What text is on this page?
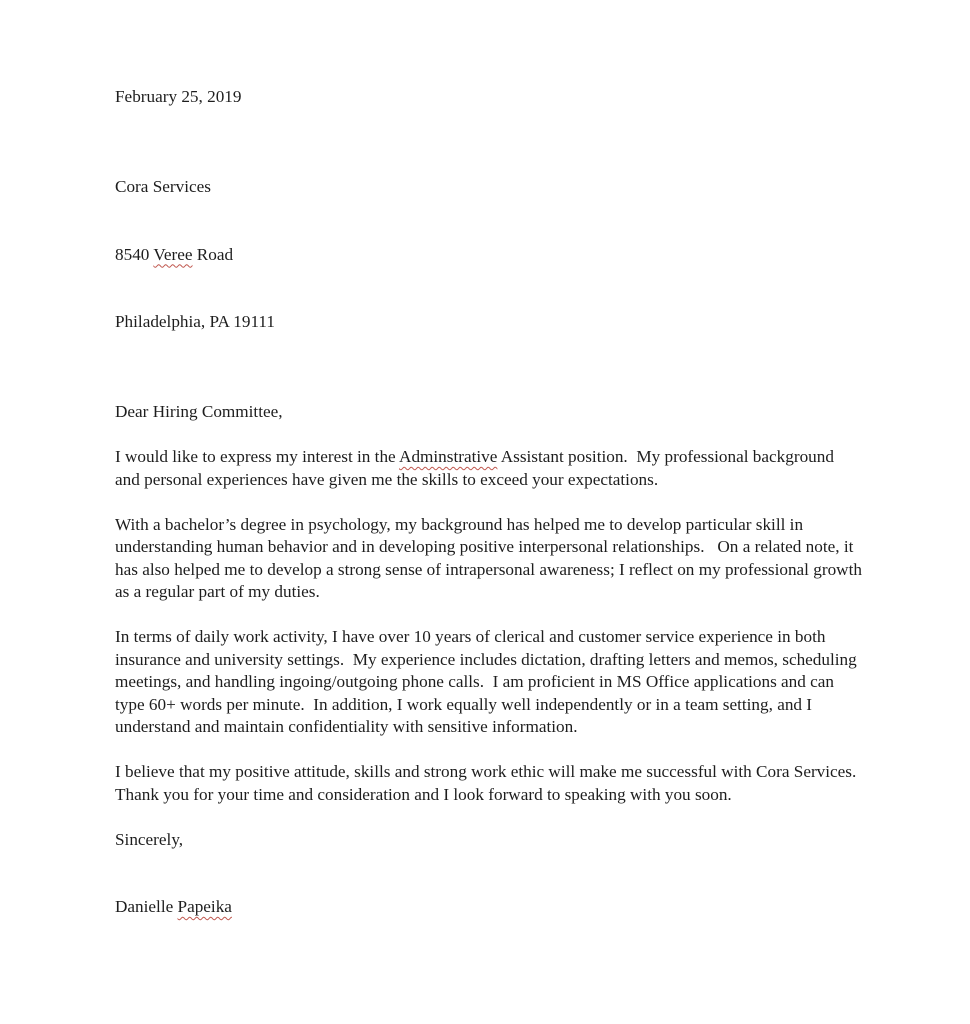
February 25, 2019

Cora Services

8540 Veree Road

Philadelphia, PA 19111

Dear Hiring Committee,

I would like to express my interest in the Adminstrative Assistant position.  My professional background and personal experiences have given me the skills to exceed your expectations.

With a bachelor’s degree in psychology, my background has helped me to develop particular skill in understanding human behavior and in developing positive interpersonal relationships.   On a related note, it has also helped me to develop a strong sense of intrapersonal awareness; I reflect on my professional growth as a regular part of my duties.

In terms of daily work activity, I have over 10 years of clerical and customer service experience in both insurance and university settings.  My experience includes dictation, drafting letters and memos, scheduling meetings, and handling ingoing/outgoing phone calls.  I am proficient in MS Office applications and can type 60+ words per minute.  In addition, I work equally well independently or in a team setting, and I understand and maintain confidentiality with sensitive information.

I believe that my positive attitude, skills and strong work ethic will make me successful with Cora Services.  Thank you for your time and consideration and I look forward to speaking with you soon.

Sincerely,
Danielle Papeika
